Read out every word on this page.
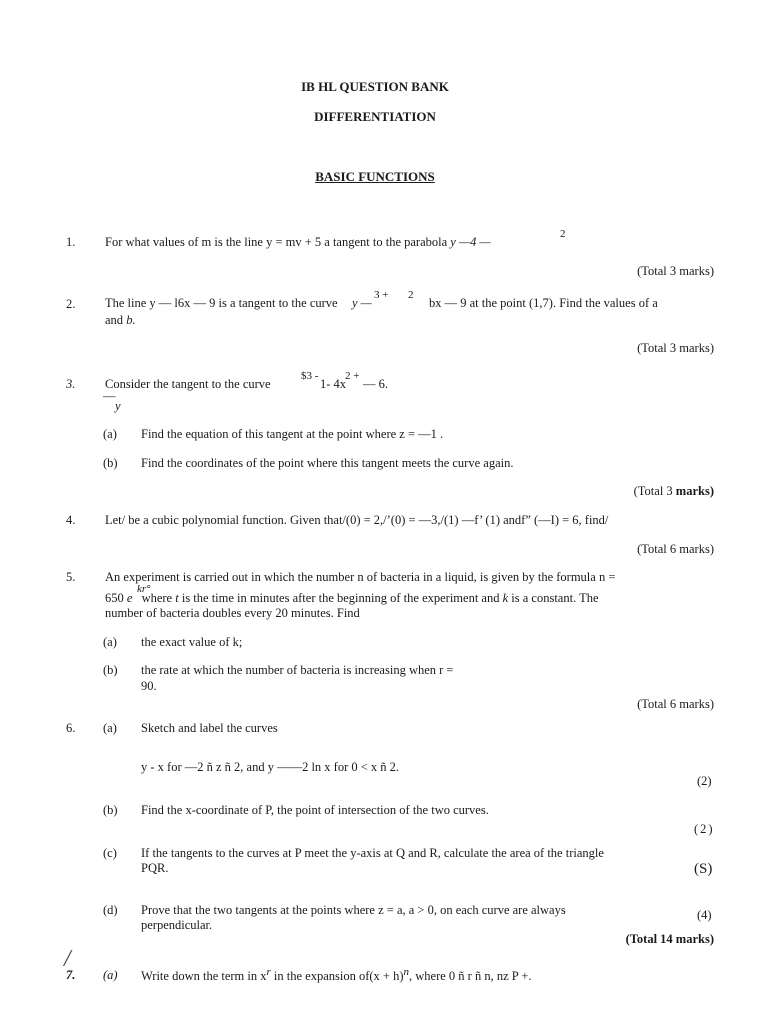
IB HL QUESTION BANK
DIFFERENTIATION
BASIC FUNCTIONS
1. For what values of m is the line y = mv + 5 a tangent to the parabola y —4 —
2
(Total 3 marks)
2. The line y — l6x — 9 is a tangent to the curve y —
3 + 2
bx — 9 at the point (1,7). Find the values of a
and b.
(Total 3 marks)
3. Consider the tangent to the curve
$3 -
1- 4x
2 +
— 6.
—
y
(a) Find the equation of this tangent at the point where z = —1 .
(b) Find the coordinates of the point where this tangent meets the curve again.
(Total 3 marks)
4. Let/ be a cubic polynomial function. Given that/(0) = 2,/’(0) = —3,/(1) —f’ (1) andf” (—I) = 6, find/
(Total 6 marks)
5. An experiment is carried out in which the number n of bacteria in a liquid, is given by the formula n =
650 e where t is the time in minutes after the beginning of the experiment and k is a constant. The
kr°
number of bacteria doubles every 20 minutes. Find
(a) the exact value of k;
(b) the rate at which the number of bacteria is increasing when r =
90.
(Total 6 marks)
6. (a) Sketch and label the curves
y - x for —2 ñ z ñ 2, and y ——2 ln x for 0 < x ñ 2.
(2)
(b) Find the x-coordinate of P, the point of intersection of the two curves.
(2)
(c) If the tangents to the curves at P meet the y-axis at Q and R, calculate the area of the triangle
PQR.	(S)
(d) Prove that the two tangents at the points where z = a, a > 0, on each curve are always
perpendicular.
(4)
(Total 14 marks)
/
7. (a) Write down the term in $x^r$ in the expansion $of(x + h)^n$, where 0 ñ r ñ n, nz P +.
